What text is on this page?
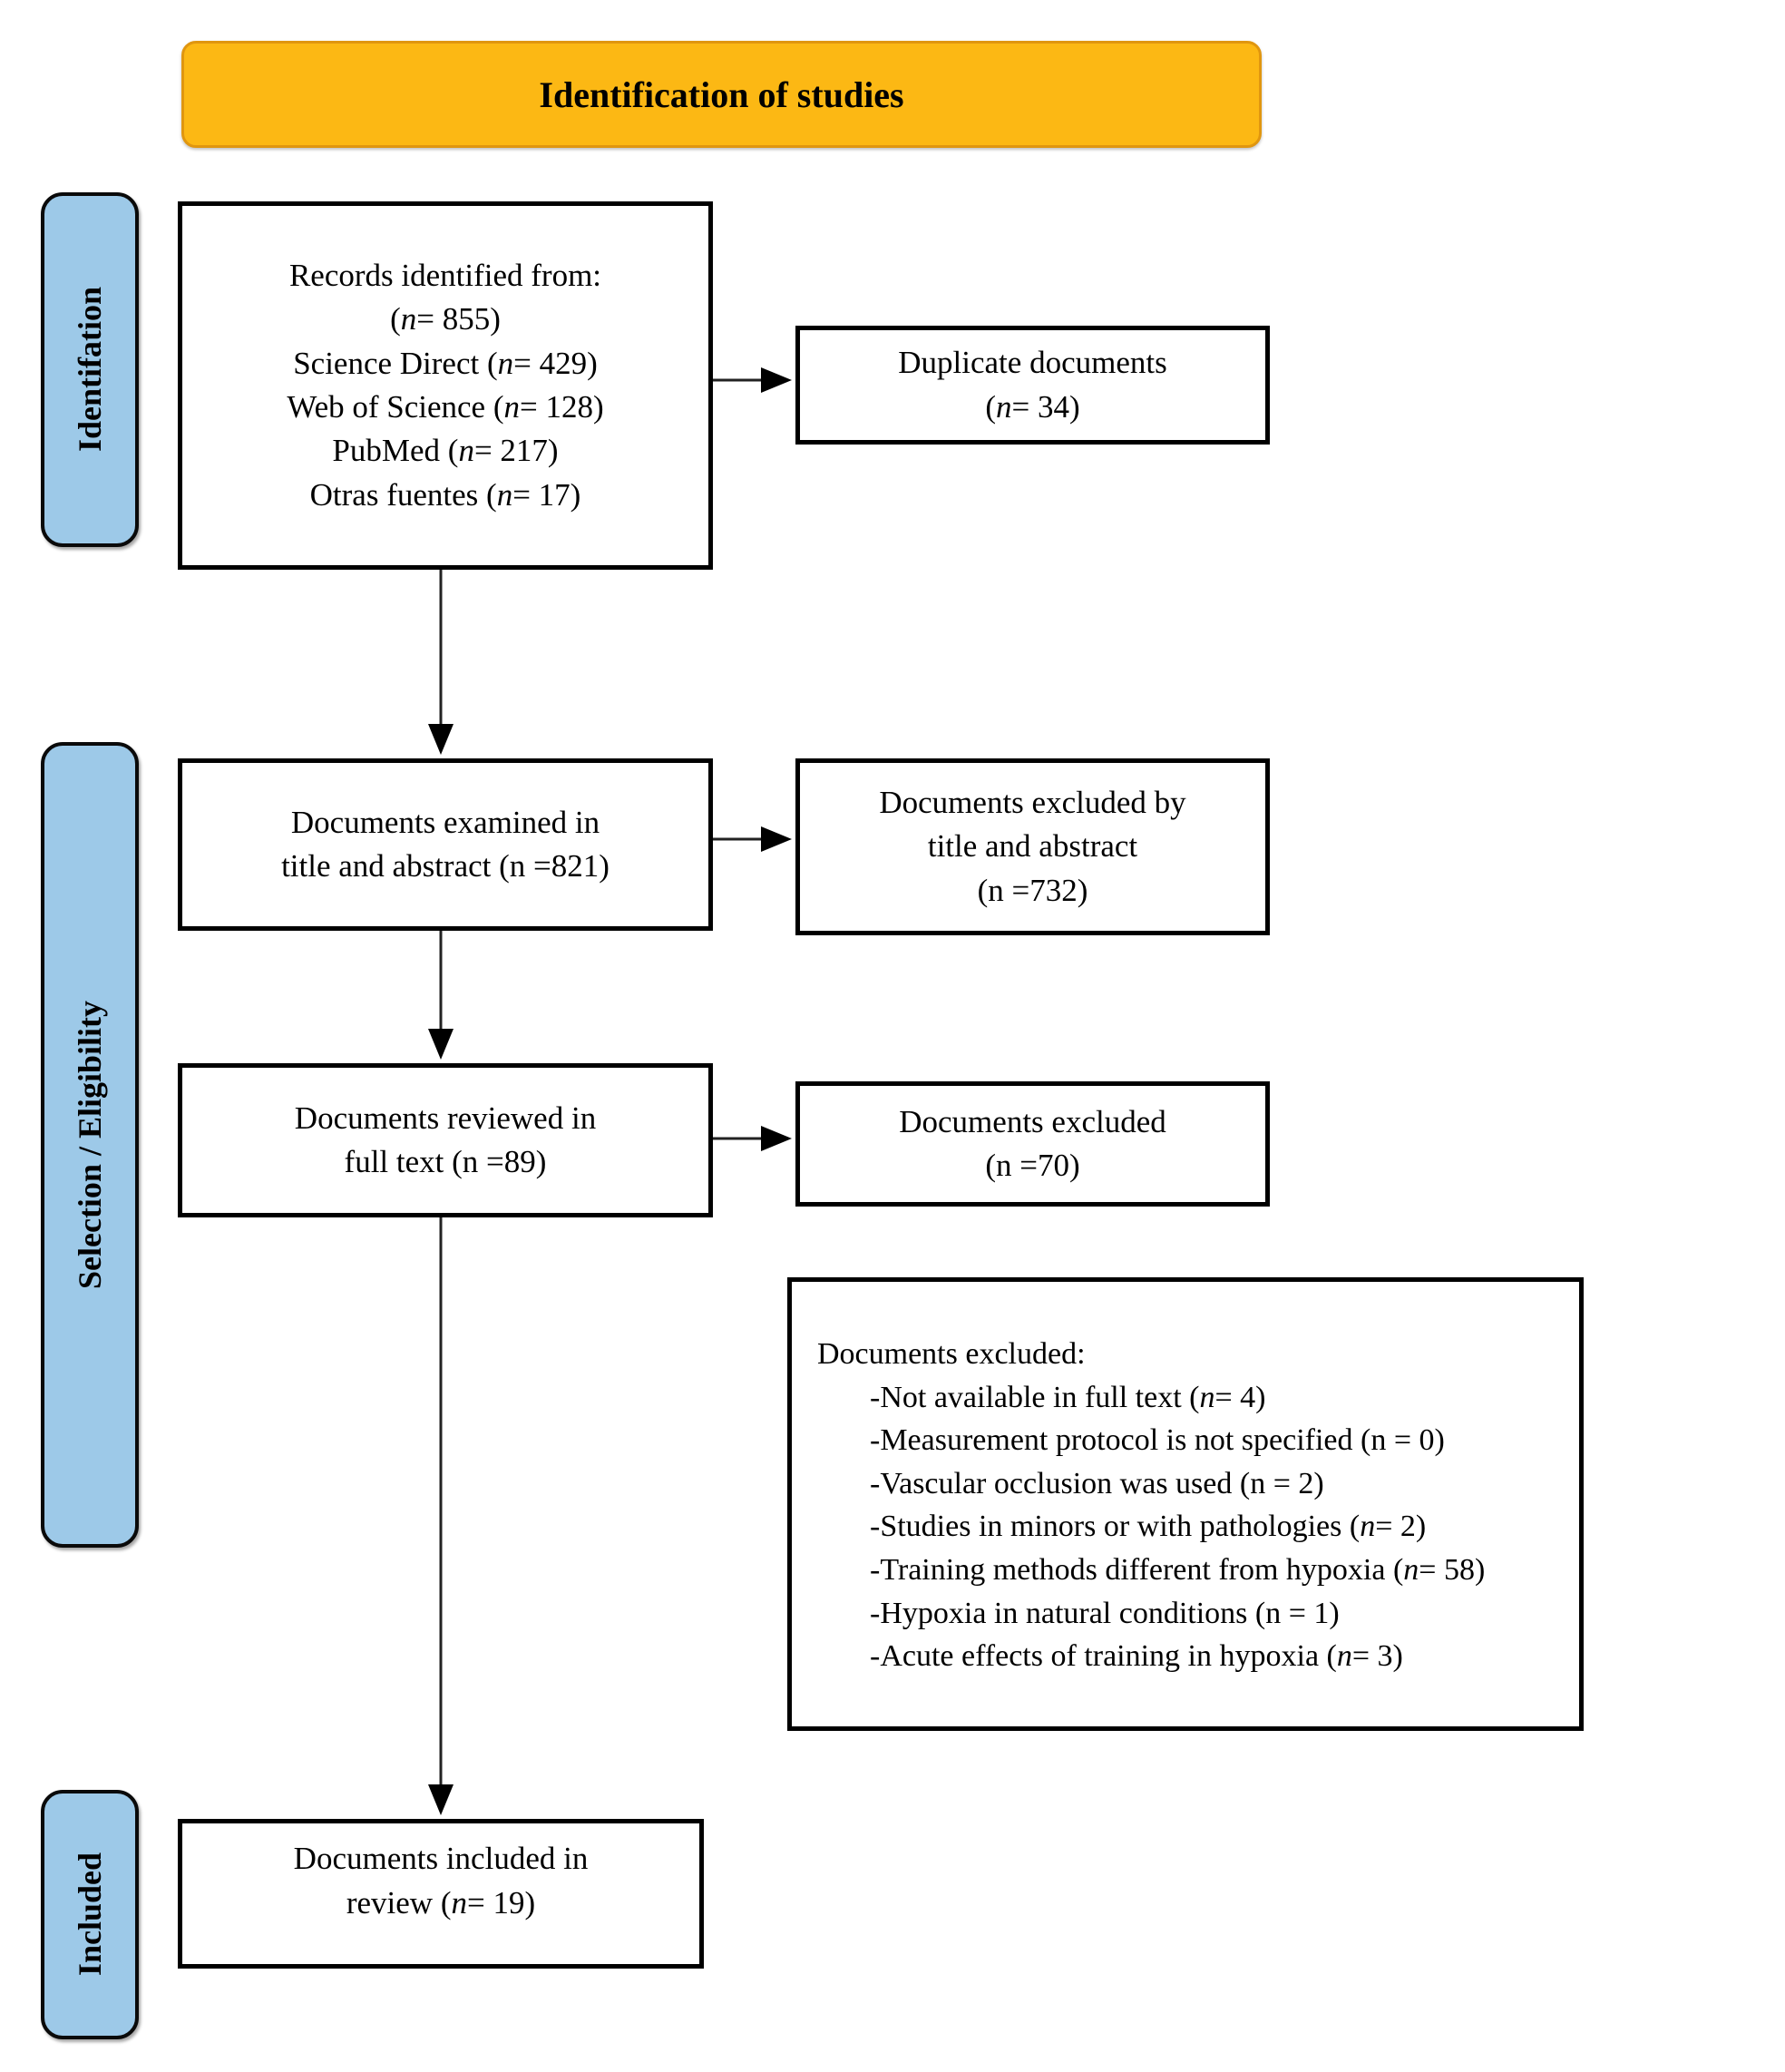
Identification of studies
Identifation
Selection / Eligibility
Included
Records identified from:
(n= 855)
Science Direct (n= 429)
Web of Science (n= 128)
PubMed (n= 217)
Otras fuentes (n= 17)
Duplicate documents
(n= 34)
Documents examined in
title and abstract (n =821)
Documents excluded by
title and abstract
(n =732)
Documents reviewed in
full text (n =89)
Documents excluded
(n =70)
Documents excluded:
-Not available in full text (n= 4)
-Measurement protocol is not specified (n = 0)
-Vascular occlusion was used (n = 2)
-Studies in minors or with pathologies (n= 2)
-Training methods different from hypoxia (n= 58)
-Hypoxia in natural conditions (n = 1)
-Acute effects of training in hypoxia (n= 3)
Documents included in
review (n= 19)
